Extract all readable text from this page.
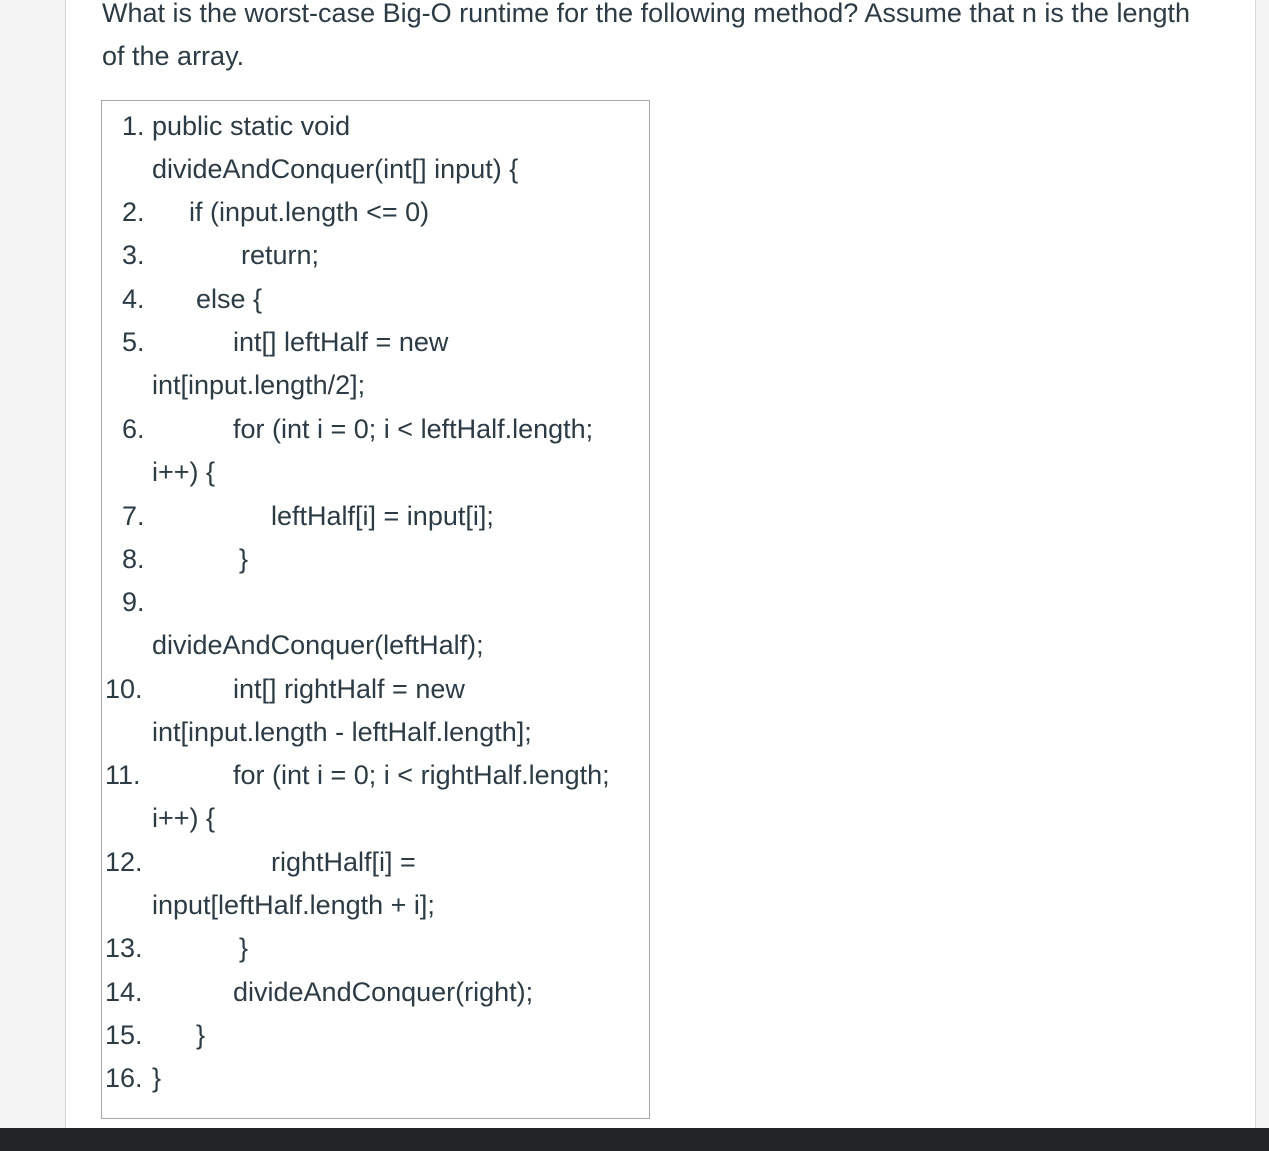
What is the worst-case Big-O runtime for the following method? Assume that n is the length of the array.

1.
2.
3.
4.
5.
6.
7.
8.
9.
10.
11.
12.
13.
14.
15.
16.
public static void
divideAndConquer(int[] input) {
if (input.length <= 0)
return;
else {
int[] leftHalf = new
int[input.length/2];
for (int i = 0; i < leftHalf.length;
i++) {
leftHalf[i] = input[i];
}
divideAndConquer(leftHalf);
int[] rightHalf = new
int[input.length - leftHalf.length];
for (int i = 0; i < rightHalf.length;
i++) {
rightHalf[i] =
input[leftHalf.length + i];
}
divideAndConquer(right);
}
}
